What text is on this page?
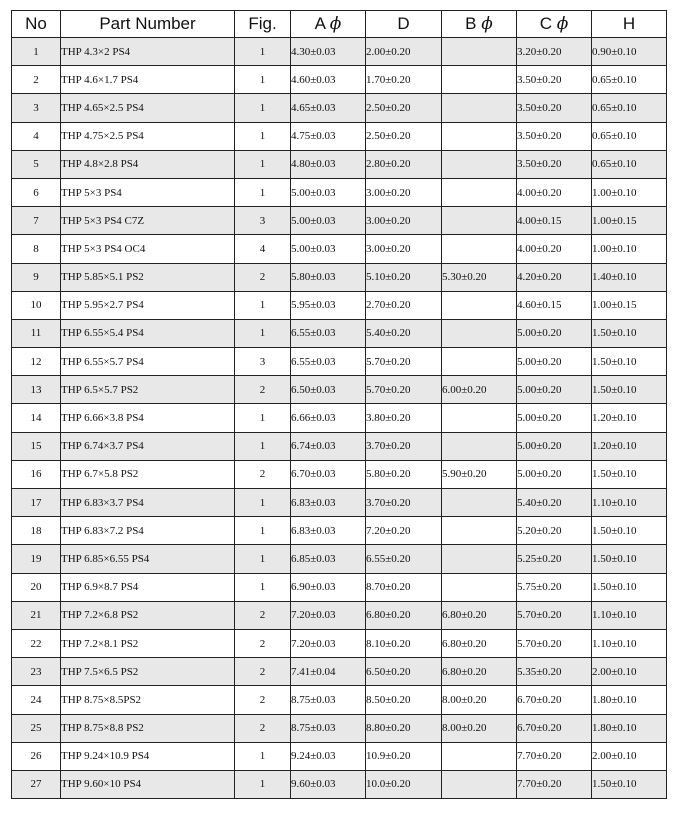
No	Part Number	Fig.	A ϕ	D	B ϕ	C ϕ	H
1	THP 4.3×2 PS4	1	4.30±0.03	2.00±0.20		3.20±0.20	0.90±0.10
2	THP 4.6×1.7 PS4	1	4.60±0.03	1.70±0.20		3.50±0.20	0.65±0.10
3	THP 4.65×2.5 PS4	1	4.65±0.03	2.50±0.20		3.50±0.20	0.65±0.10
4	THP 4.75×2.5 PS4	1	4.75±0.03	2.50±0.20		3.50±0.20	0.65±0.10
5	THP 4.8×2.8 PS4	1	4.80±0.03	2.80±0.20		3.50±0.20	0.65±0.10
6	THP 5×3 PS4	1	5.00±0.03	3.00±0.20		4.00±0.20	1.00±0.10
7	THP 5×3 PS4 C7Z	3	5.00±0.03	3.00±0.20		4.00±0.15	1.00±0.15
8	THP 5×3 PS4 OC4	4	5.00±0.03	3.00±0.20		4.00±0.20	1.00±0.10
9	THP 5.85×5.1 PS2	2	5.80±0.03	5.10±0.20	5.30±0.20	4.20±0.20	1.40±0.10
10	THP 5.95×2.7 PS4	1	5.95±0.03	2.70±0.20		4.60±0.15	1.00±0.15
11	THP 6.55×5.4 PS4	1	6.55±0.03	5.40±0.20		5.00±0.20	1.50±0.10
12	THP 6.55×5.7 PS4	3	6.55±0.03	5.70±0.20		5.00±0.20	1.50±0.10
13	THP 6.5×5.7 PS2	2	6.50±0.03	5.70±0.20	6.00±0.20	5.00±0.20	1.50±0.10
14	THP 6.66×3.8 PS4	1	6.66±0.03	3.80±0.20		5.00±0.20	1.20±0.10
15	THP 6.74×3.7 PS4	1	6.74±0.03	3.70±0.20		5.00±0.20	1.20±0.10
16	THP 6.7×5.8 PS2	2	6.70±0.03	5.80±0.20	5.90±0.20	5.00±0.20	1.50±0.10
17	THP 6.83×3.7 PS4	1	6.83±0.03	3.70±0.20		5.40±0.20	1.10±0.10
18	THP 6.83×7.2 PS4	1	6.83±0.03	7.20±0.20		5.20±0.20	1.50±0.10
19	THP 6.85×6.55 PS4	1	6.85±0.03	6.55±0.20		5.25±0.20	1.50±0.10
20	THP 6.9×8.7 PS4	1	6.90±0.03	8.70±0.20		5.75±0.20	1.50±0.10
21	THP 7.2×6.8 PS2	2	7.20±0.03	6.80±0.20	6.80±0.20	5.70±0.20	1.10±0.10
22	THP 7.2×8.1 PS2	2	7.20±0.03	8.10±0.20	6.80±0.20	5.70±0.20	1.10±0.10
23	THP 7.5×6.5 PS2	2	7.41±0.04	6.50±0.20	6.80±0.20	5.35±0.20	2.00±0.10
24	THP 8.75×8.5PS2	2	8.75±0.03	8.50±0.20	8.00±0.20	6.70±0.20	1.80±0.10
25	THP 8.75×8.8 PS2	2	8.75±0.03	8.80±0.20	8.00±0.20	6.70±0.20	1.80±0.10
26	THP 9.24×10.9 PS4	1	9.24±0.03	10.9±0.20		7.70±0.20	2.00±0.10
27	THP 9.60×10 PS4	1	9.60±0.03	10.0±0.20		7.70±0.20	1.50±0.10
